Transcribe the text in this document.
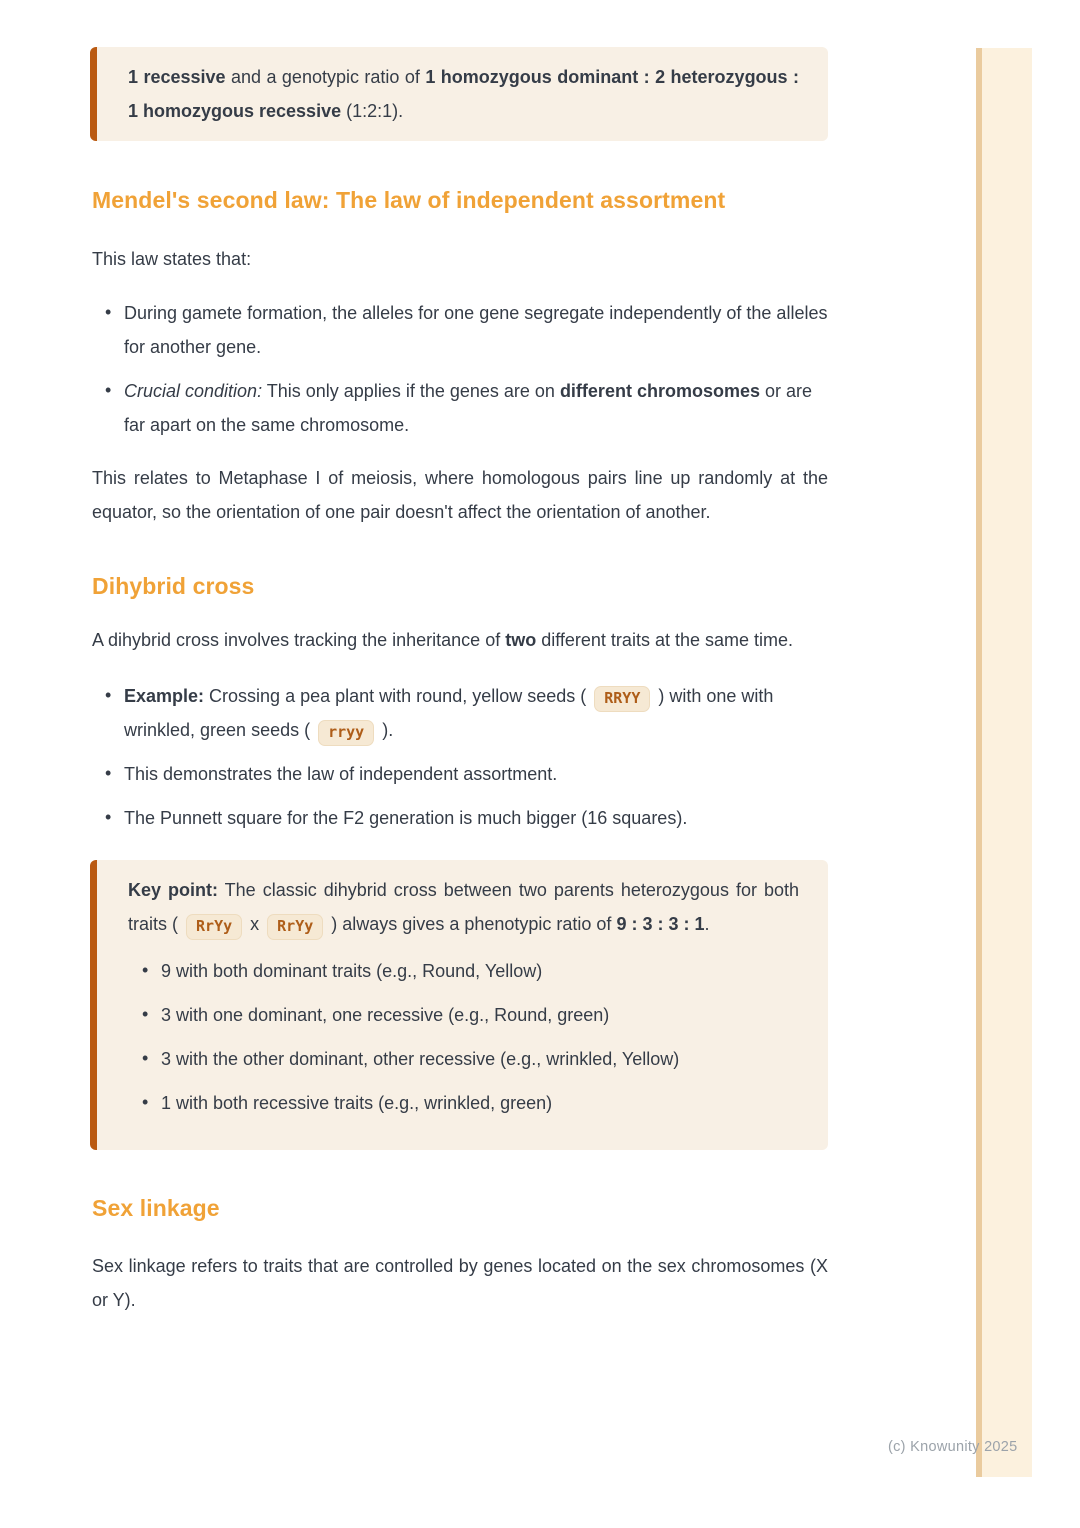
1 recessive and a genotypic ratio of 1 homozygous dominant : 2 heterozygous : 1 homozygous recessive (1:2:1).

Mendel's second law: The law of independent assortment

This law states that:

• During gamete formation, the alleles for one gene segregate independently of the alleles for another gene.
• Crucial condition: This only applies if the genes are on different chromosomes or are far apart on the same chromosome.

This relates to Metaphase I of meiosis, where homologous pairs line up randomly at the equator, so the orientation of one pair doesn't affect the orientation of another.

Dihybrid cross

A dihybrid cross involves tracking the inheritance of two different traits at the same time.

• Example: Crossing a pea plant with round, yellow seeds ( RRYY ) with one with wrinkled, green seeds ( rryy ).
• This demonstrates the law of independent assortment.
• The Punnett square for the F2 generation is much bigger (16 squares).

Key point: The classic dihybrid cross between two parents heterozygous for both traits ( RrYy x RrYy ) always gives a phenotypic ratio of 9 : 3 : 3 : 1.

• 9 with both dominant traits (e.g., Round, Yellow)
• 3 with one dominant, one recessive (e.g., Round, green)
• 3 with the other dominant, other recessive (e.g., wrinkled, Yellow)
• 1 with both recessive traits (e.g., wrinkled, green)
Sex linkage

Sex linkage refers to traits that are controlled by genes located on the sex chromosomes (X or Y).

(c) Knowunity 2025
